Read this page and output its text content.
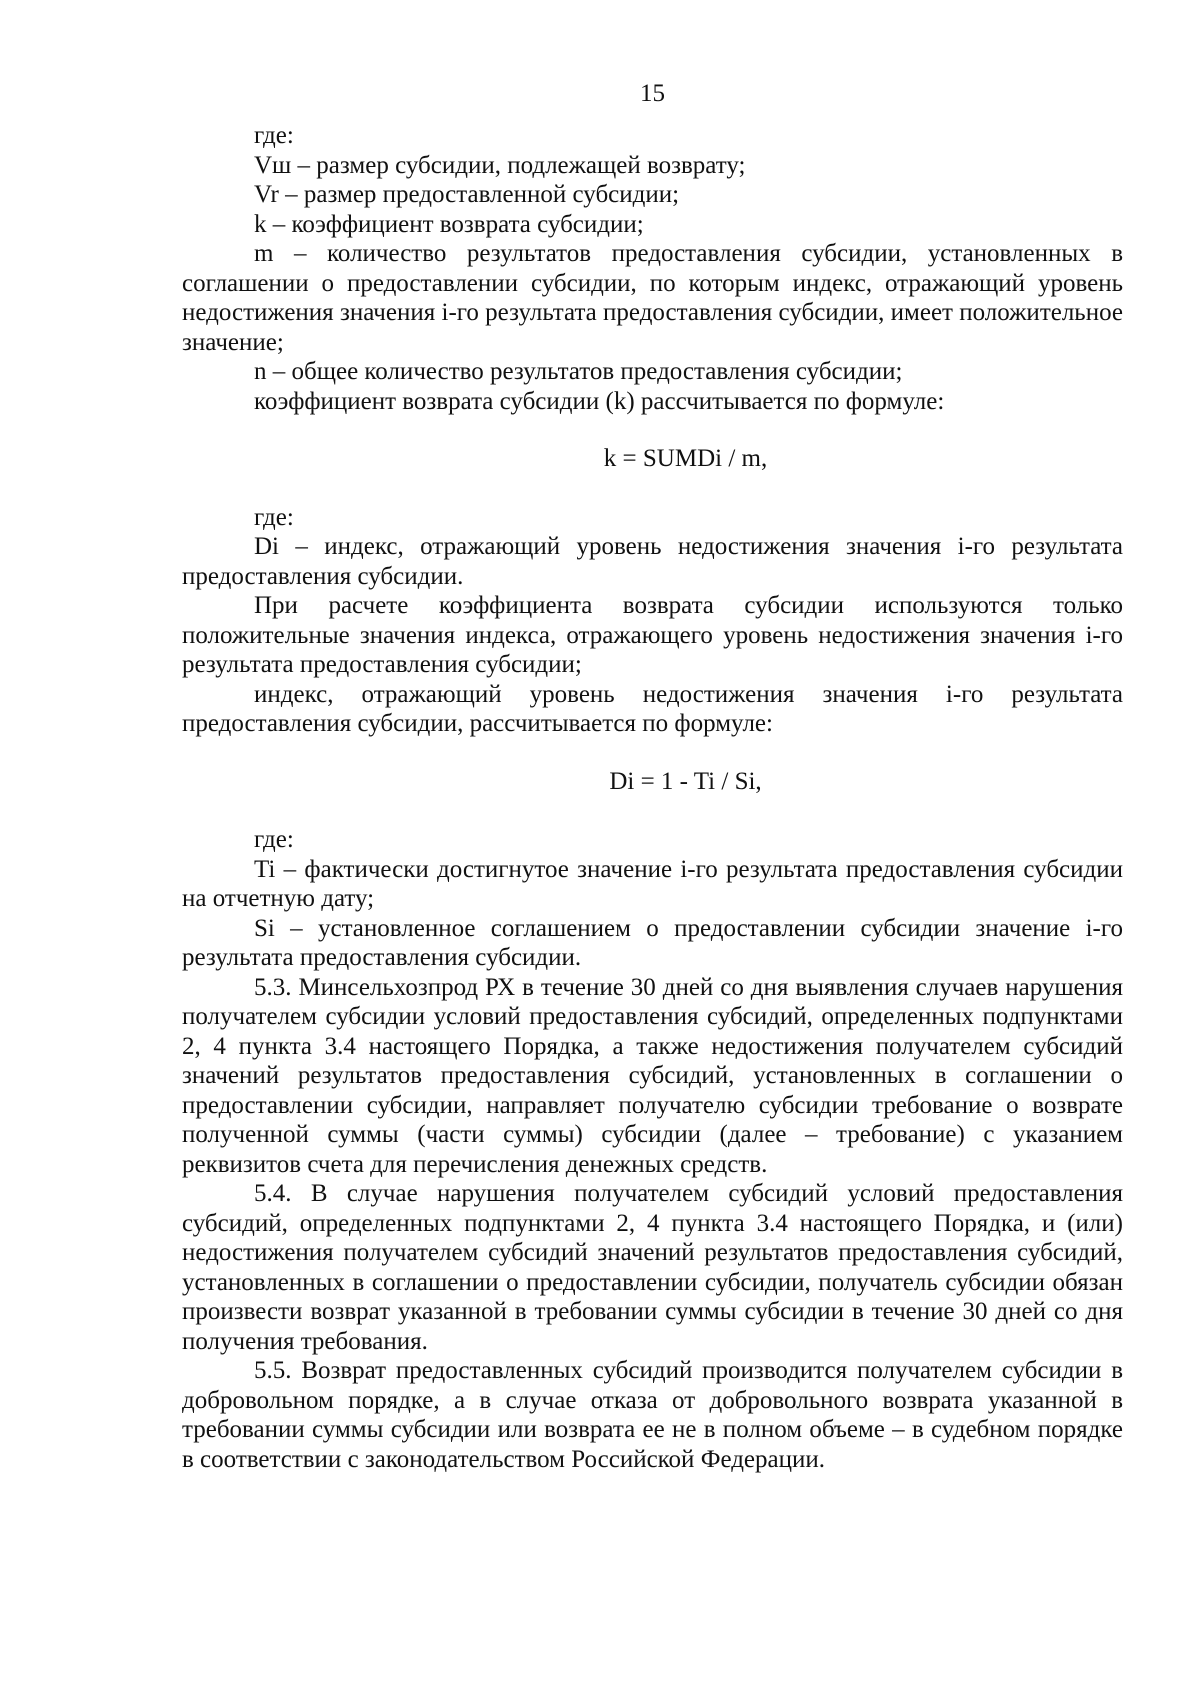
15

где:

Vш – размер субсидии, подлежащей возврату;

Vr – размер предоставленной субсидии;

k – коэффициент возврата субсидии;

m – количество результатов предоставления субсидии, установленных в соглашении о предоставлении субсидии, по которым индекс, отражающий уровень недостижения значения i-го результата предоставления субсидии, имеет положительное значение;

n – общее количество результатов предоставления субсидии;

коэффициент возврата субсидии (k) рассчитывается по формуле:

k = SUMDi / m,

где:

Di – индекс, отражающий уровень недостижения значения i-го результата предоставления субсидии.

При расчете коэффициента возврата субсидии используются только положительные значения индекса, отражающего уровень недостижения значения i-го результата предоставления субсидии;

индекс, отражающий уровень недостижения значения i-го результата предоставления субсидии, рассчитывается по формуле:

Di = 1 - Ti / Si,

где:

Ti – фактически достигнутое значение i-го результата предоставления субсидии на отчетную дату;

Si – установленное соглашением о предоставлении субсидии значение i-го результата предоставления субсидии.

5.3. Минсельхозпрод РХ в течение 30 дней со дня выявления случаев нарушения получателем субсидии условий предоставления субсидий, определенных подпунктами 2, 4 пункта 3.4 настоящего Порядка, а также недостижения получателем субсидий значений результатов предоставления субсидий, установленных в соглашении о предоставлении субсидии, направляет получателю субсидии требование о возврате полученной суммы (части суммы) субсидии (далее – требование) с указанием реквизитов счета для перечисления денежных средств.

5.4. В случае нарушения получателем субсидий условий предоставления субсидий, определенных подпунктами 2, 4 пункта 3.4 настоящего Порядка, и (или) недостижения получателем субсидий значений результатов предоставления субсидий, установленных в соглашении о предоставлении субсидии, получатель субсидии обязан произвести возврат указанной в требовании суммы субсидии в течение 30 дней со дня получения требования.

5.5. Возврат предоставленных субсидий производится получателем субсидии в добровольном порядке, а в случае отказа от добровольного возврата указанной в требовании суммы субсидии или возврата ее не в полном объеме – в судебном порядке в соответствии с законодательством Российской Федерации.
